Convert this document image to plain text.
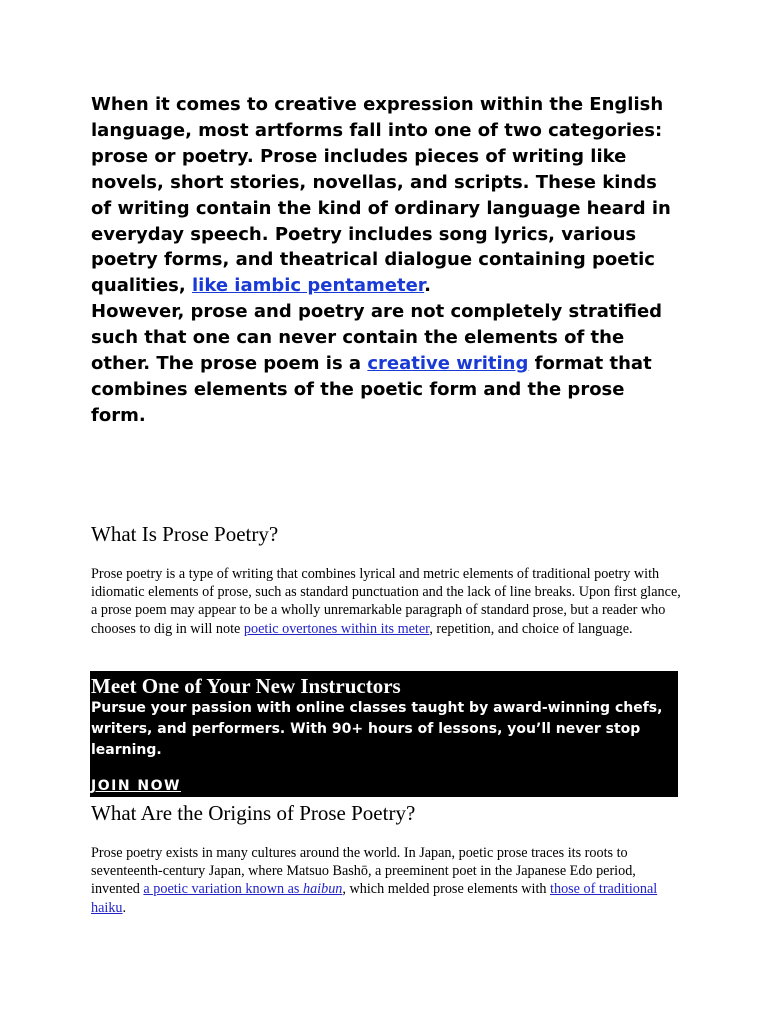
When it comes to creative expression within the English language, most artforms fall into one of two categories: prose or poetry. Prose includes pieces of writing like novels, short stories, novellas, and scripts. These kinds of writing contain the kind of ordinary language heard in everyday speech. Poetry includes song lyrics, various poetry forms, and theatrical dialogue containing poetic qualities, like iambic pentameter.
However, prose and poetry are not completely stratified such that one can never contain the elements of the other. The prose poem is a creative writing format that combines elements of the poetic form and the prose form.

What Is Prose Poetry?

Prose poetry is a type of writing that combines lyrical and metric elements of traditional poetry with idiomatic elements of prose, such as standard punctuation and the lack of line breaks. Upon first glance, a prose poem may appear to be a wholly unremarkable paragraph of standard prose, but a reader who chooses to dig in will note poetic overtones within its meter, repetition, and choice of language.

Meet One of Your New Instructors

Pursue your passion with online classes taught by award-winning chefs, writers, and performers. With 90+ hours of lessons, you’ll never stop learning.

JOIN NOW
What Are the Origins of Prose Poetry?

Prose poetry exists in many cultures around the world. In Japan, poetic prose traces its roots to seventeenth-century Japan, where Matsuo Bashō, a preeminent poet in the Japanese Edo period, invented a poetic variation known as haibun, which melded prose elements with those of traditional haiku.
